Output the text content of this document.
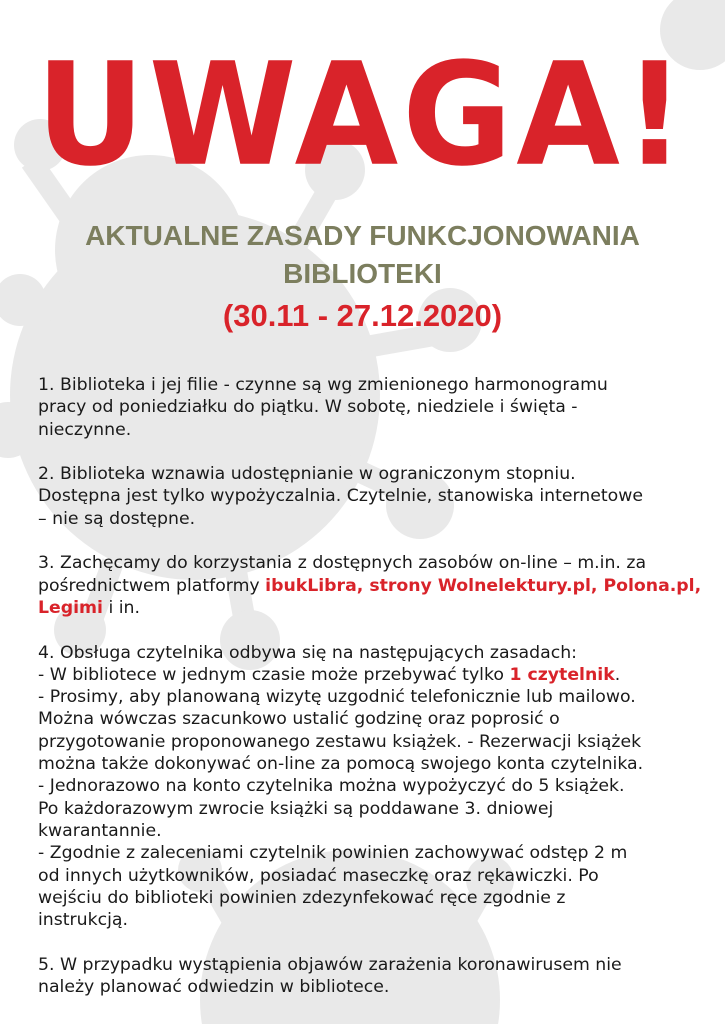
UWAGA!
AKTUALNE ZASADY FUNKCJONOWANIA
BIBLIOTEKI
(30.11 - 27.12.2020)

1. Biblioteka i jej filie - czynne są wg zmienionego harmonogramu
pracy od poniedziałku do piątku. W sobotę, niedziele i święta -
nieczynne.

2. Biblioteka wznawia udostępnianie w ograniczonym stopniu.
Dostępna jest tylko wypożyczalnia. Czytelnie, stanowiska internetowe
– nie są dostępne.

3. Zachęcamy do korzystania z dostępnych zasobów on-line – m.in. za
pośrednictwem platformy ibukLibra, strony Wolnelektury.pl, Polona.pl,
Legimi i in.

4. Obsługa czytelnika odbywa się na następujących zasadach:
- W bibliotece w jednym czasie może przebywać tylko 1 czytelnik.
- Prosimy, aby planowaną wizytę uzgodnić telefonicznie lub mailowo.
Można wówczas szacunkowo ustalić godzinę oraz poprosić o
przygotowanie proponowanego zestawu książek. - Rezerwacji książek
można także dokonywać on-line za pomocą swojego konta czytelnika.
- Jednorazowo na konto czytelnika można wypożyczyć do 5 książek.
Po każdorazowym zwrocie książki są poddawane 3. dniowej
kwarantannie.
- Zgodnie z zaleceniami czytelnik powinien zachowywać odstęp 2 m
od innych użytkowników, posiadać maseczkę oraz rękawiczki. Po
wejściu do biblioteki powinien zdezynfekować ręce zgodnie z
instrukcją.

5. W przypadku wystąpienia objawów zarażenia koronawirusem nie
należy planować odwiedzin w bibliotece.
